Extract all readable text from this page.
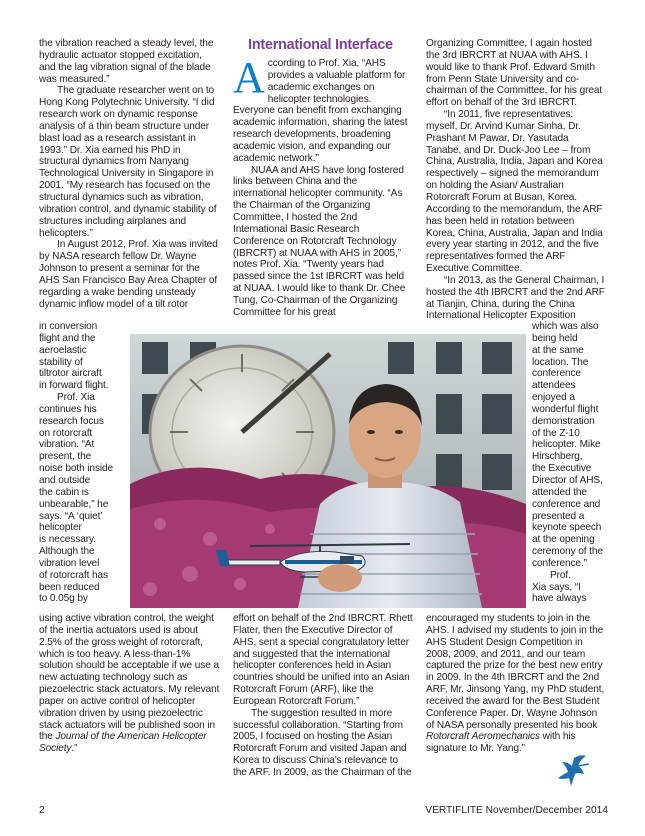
the vibration reached a steady level, the hydraulic actuator stopped excitation, and the lag vibration signal of the blade was measured.”

The graduate researcher went on to Hong Kong Polytechnic University. “I did research work on dynamic response analysis of a thin beam structure under blast load as a research assistant in 1993.” Dr. Xia earned his PhD in structural dynamics from Nanyang Technological University in Singapore in 2001. “My research has focused on the structural dynamics such as vibration, vibration control, and dynamic stability of structures including airplanes and helicopters.”

In August 2012, Prof. Xia was invited by NASA research fellow Dr. Wayne Johnson to present a seminar for the AHS San Francisco Bay Area Chapter of regarding a wake bending unsteady dynamic inflow model of a tilt rotor

in conversion
flight and the
aeroelastic
stability of
tiltrotor aircraft
in forward flight.
Prof. Xia
continues his
research focus
on rotorcraft
vibration. “At
present, the
noise both inside
and outside
the cabin is
unbearable,” he
says. “A ‘quiet’
helicopter
is necessary.
Although the
vibration level
of rotorcraft has
been reduced
to 0.05g by

using active vibration control, the weight of the inertia actuators used is about 2.5% of the gross weight of rotorcraft, which is too heavy. A less-than-1% solution should be acceptable if we use a new actuating technology such as piezoelectric stack actuators. My relevant paper on active control of helicopter vibration driven by using piezoelectric stack actuators will be published soon in the Journal of the American Helicopter Society.”

International Interface

According to Prof. Xia, “AHS provides a valuable platform for academic exchanges on helicopter technologies. Everyone can benefit from exchanging academic information, sharing the latest research developments, broadening academic vision, and expanding our academic network.”

NUAA and AHS have long fostered links between China and the international helicopter community. “As the Chairman of the Organizing Committee, I hosted the 2nd International Basic Research Conference on Rotorcraft Technology (IBRCRT) at NUAA with AHS in 2005,” notes Prof. Xia. “Twenty years had passed since the 1st IBRCRT was held at NUAA. I would like to thank Dr. Chee Tung, Co-Chairman of the Organizing Committee for his great

effort on behalf of the 2nd IBRCRT. Rhett Flater, then the Executive Director of AHS, sent a special congratulatory letter and suggested that the international helicopter conferences held in Asian countries should be unified into an Asian Rotorcraft Forum (ARF), like the European Rotorcraft Forum.”

The suggestion resulted in more successful collaboration. “Starting from 2005, I focused on hosting the Asian Rotorcraft Forum and visited Japan and Korea to discuss China’s relevance to the ARF. In 2009, as the Chairman of the

Organizing Committee, I again hosted the 3rd IBRCRT at NUAA with AHS. I would like to thank Prof. Edward Smith from Penn State University and co-chairman of the Committee, for his great effort on behalf of the 3rd IBRCRT.

“In 2011, five representatives: myself, Dr. Arvind Kumar Sinha, Dr. Prashant M Pawar, Dr. Yasutada Tanabe, and Dr. Duck-Joo Lee – from China, Australia, India, Japan and Korea respectively – signed the memorandum on holding the Asian/ Australian Rotorcraft Forum at Busan, Korea. According to the memorandum, the ARF has been held in rotation between Korea, China, Australia, Japan and India every year starting in 2012, and the five representatives formed the ARF Executive Committee.

“In 2013, as the General Chairman, I hosted the 4th IBRCRT and the 2nd ARF at Tianjin, China, during the China International Helicopter Exposition

which was also
being held
at the same
location. The
conference
attendees
enjoyed a
wonderful flight
demonstration
of the Z-10
helicopter. Mike
Hirschberg,
the Executive
Director of AHS,
attended the
conference and
presented a
keynote speech
at the opening
ceremony of the
conference.”
Prof.
Xia says, “I
have always

encouraged my students to join in the AHS. I advised my students to join in the AHS Student Design Competition in 2008, 2009, and 2011, and our team captured the prize for the best new entry in 2009. In the 4th IBRCRT and the 2nd ARF, Mr. Jinsong Yang, my PhD student, received the award for the Best Student Conference Paper. Dr. Wayne Johnson of NASA personally presented his book Rotorcraft Aeromechanics with his signature to Mr. Yang.”

2	VERTIFLITE November/December 2014
